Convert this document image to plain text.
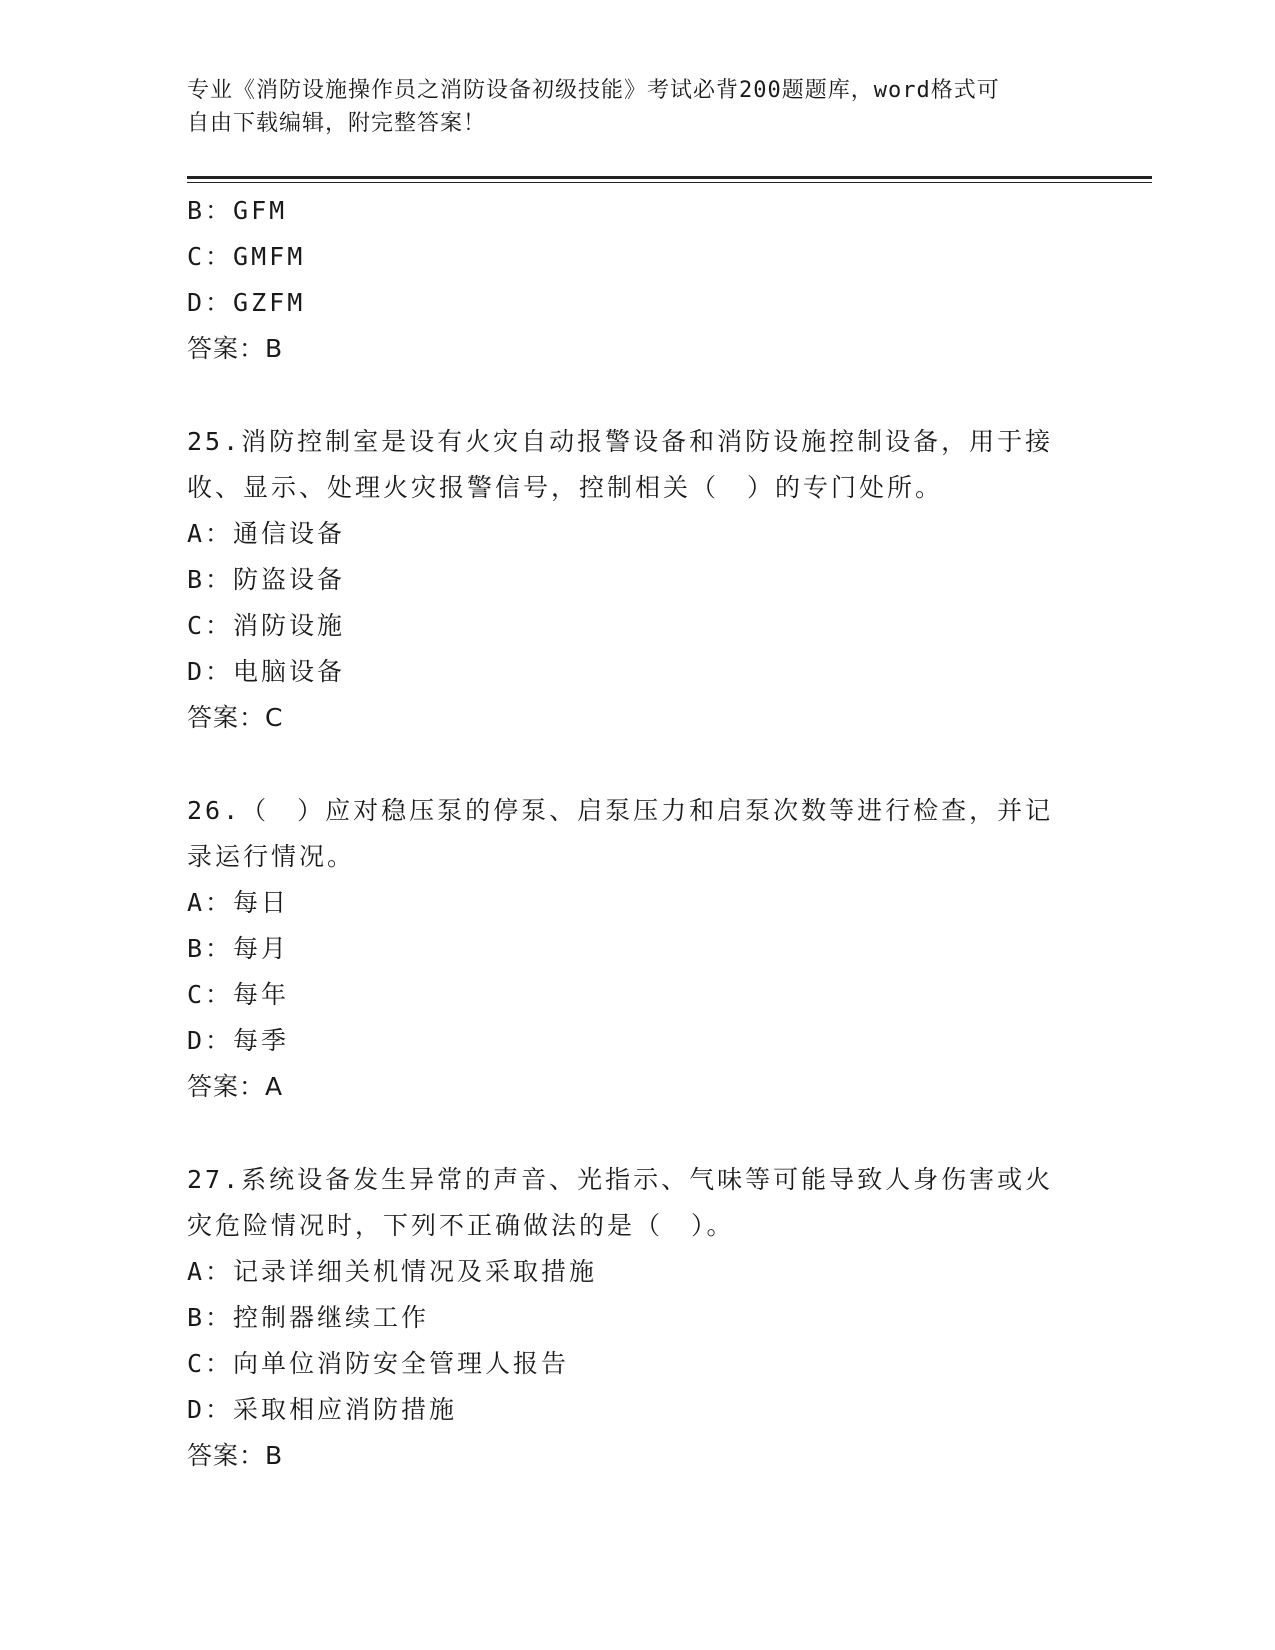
专业《消防设施操作员之消防设备初级技能》考试必背200题题库，word格式可
自由下载编辑，附完整答案！
B：GFM
C：GMFM
D：GZFM
答案：B
25.消防控制室是设有火灾自动报警设备和消防设施控制设备，用于接
收、显示、处理火灾报警信号，控制相关（　）的专门处所。
A：通信设备
B：防盗设备
C：消防设施
D：电脑设备
答案：C
26.（　）应对稳压泵的停泵、启泵压力和启泵次数等进行检查，并记
录运行情况。
A：每日
B：每月
C：每年
D：每季
答案：A
27.系统设备发生异常的声音、光指示、气味等可能导致人身伤害或火
灾危险情况时，下列不正确做法的是（　）。
A：记录详细关机情况及采取措施
B：控制器继续工作
C：向单位消防安全管理人报告
D：采取相应消防措施
答案：B
